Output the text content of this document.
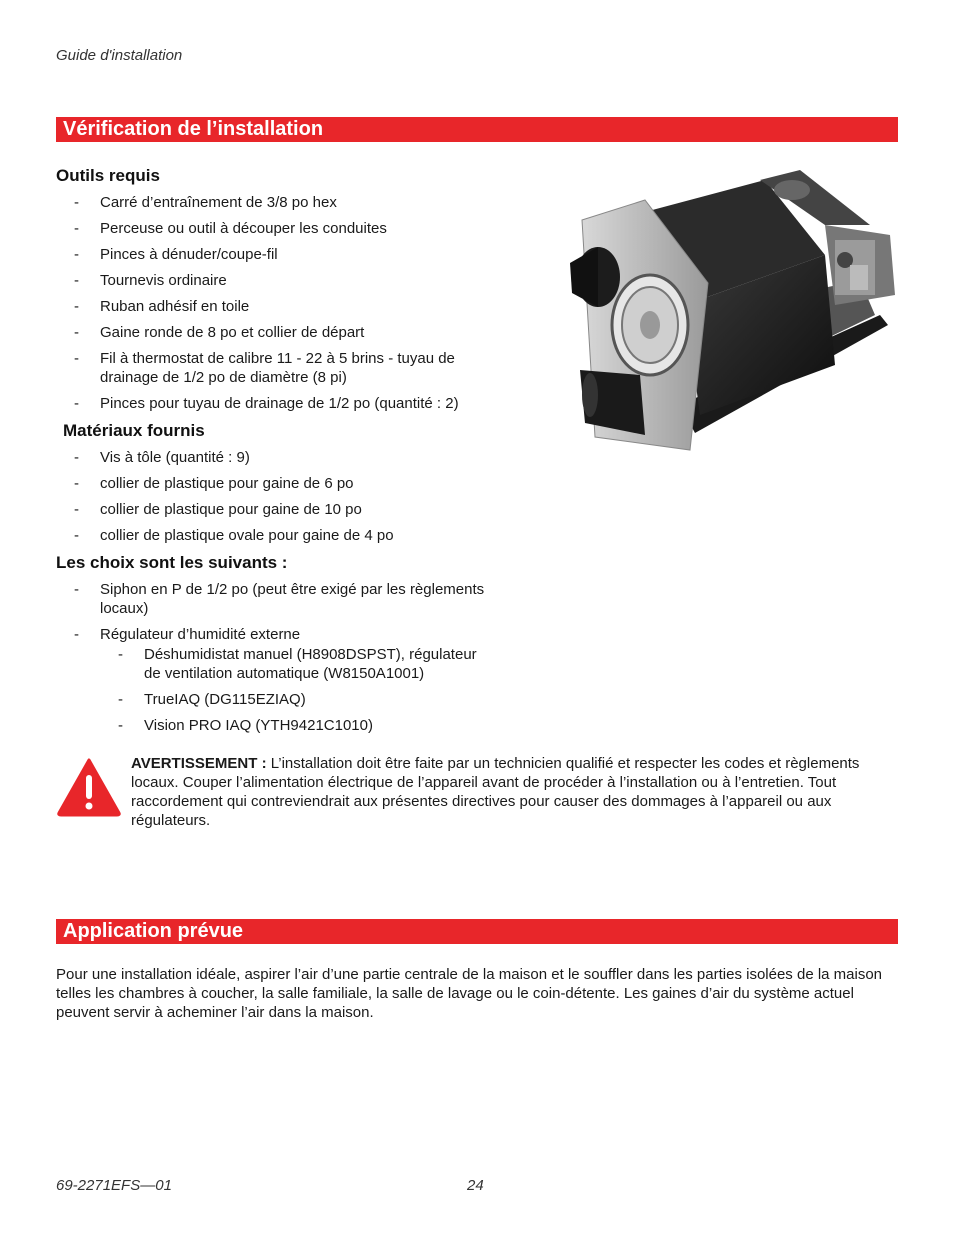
Guide d'installation
Vérification de l’installation
Outils requis
- Carré d’entraînement de 3/8 po hex
- Perceuse ou outil à découper les conduites
- Pinces à dénuder/coupe-fil
- Tournevis ordinaire
- Ruban adhésif en toile
- Gaine ronde de 8 po et collier de départ
- Fil à thermostat de calibre 11 - 22 à 5 brins - tuyau de drainage de 1/2 po de diamètre (8 pi)
- Pinces pour tuyau de drainage de 1/2 po (quantité : 2)
Matériaux fournis
- Vis à tôle (quantité : 9)
- collier de plastique pour gaine de 6 po
- collier de plastique pour gaine de 10 po
- collier de plastique ovale pour gaine de 4 po
Les choix sont les suivants :
- Siphon en P de 1/2 po (peut être exigé par les règlements locaux)
- Régulateur d’humidité externe
- Déshumidistat manuel (H8908DSPST), régulateur de ventilation automatique (W8150A1001)
- TrueIAQ (DG115EZIAQ)
- Vision PRO IAQ (YTH9421C1010)
AVERTISSEMENT : L’installation doit être faite par un technicien qualifié et respecter les codes et règlements locaux. Couper l’alimentation électrique de l’appareil avant de procéder à l’installation ou à l’entretien. Tout raccordement qui contreviendrait aux présentes directives pour causer des dommages à l’appareil ou aux régulateurs.
Application prévue
Pour une installation idéale, aspirer l’air d’une partie centrale de la maison et le souffler dans les parties isolées de la maison telles les chambres à coucher, la salle familiale, la salle de lavage ou le coin-détente. Les gaines d’air du système actuel peuvent servir à acheminer l’air dans la maison.
69-2271EFS—01	24
